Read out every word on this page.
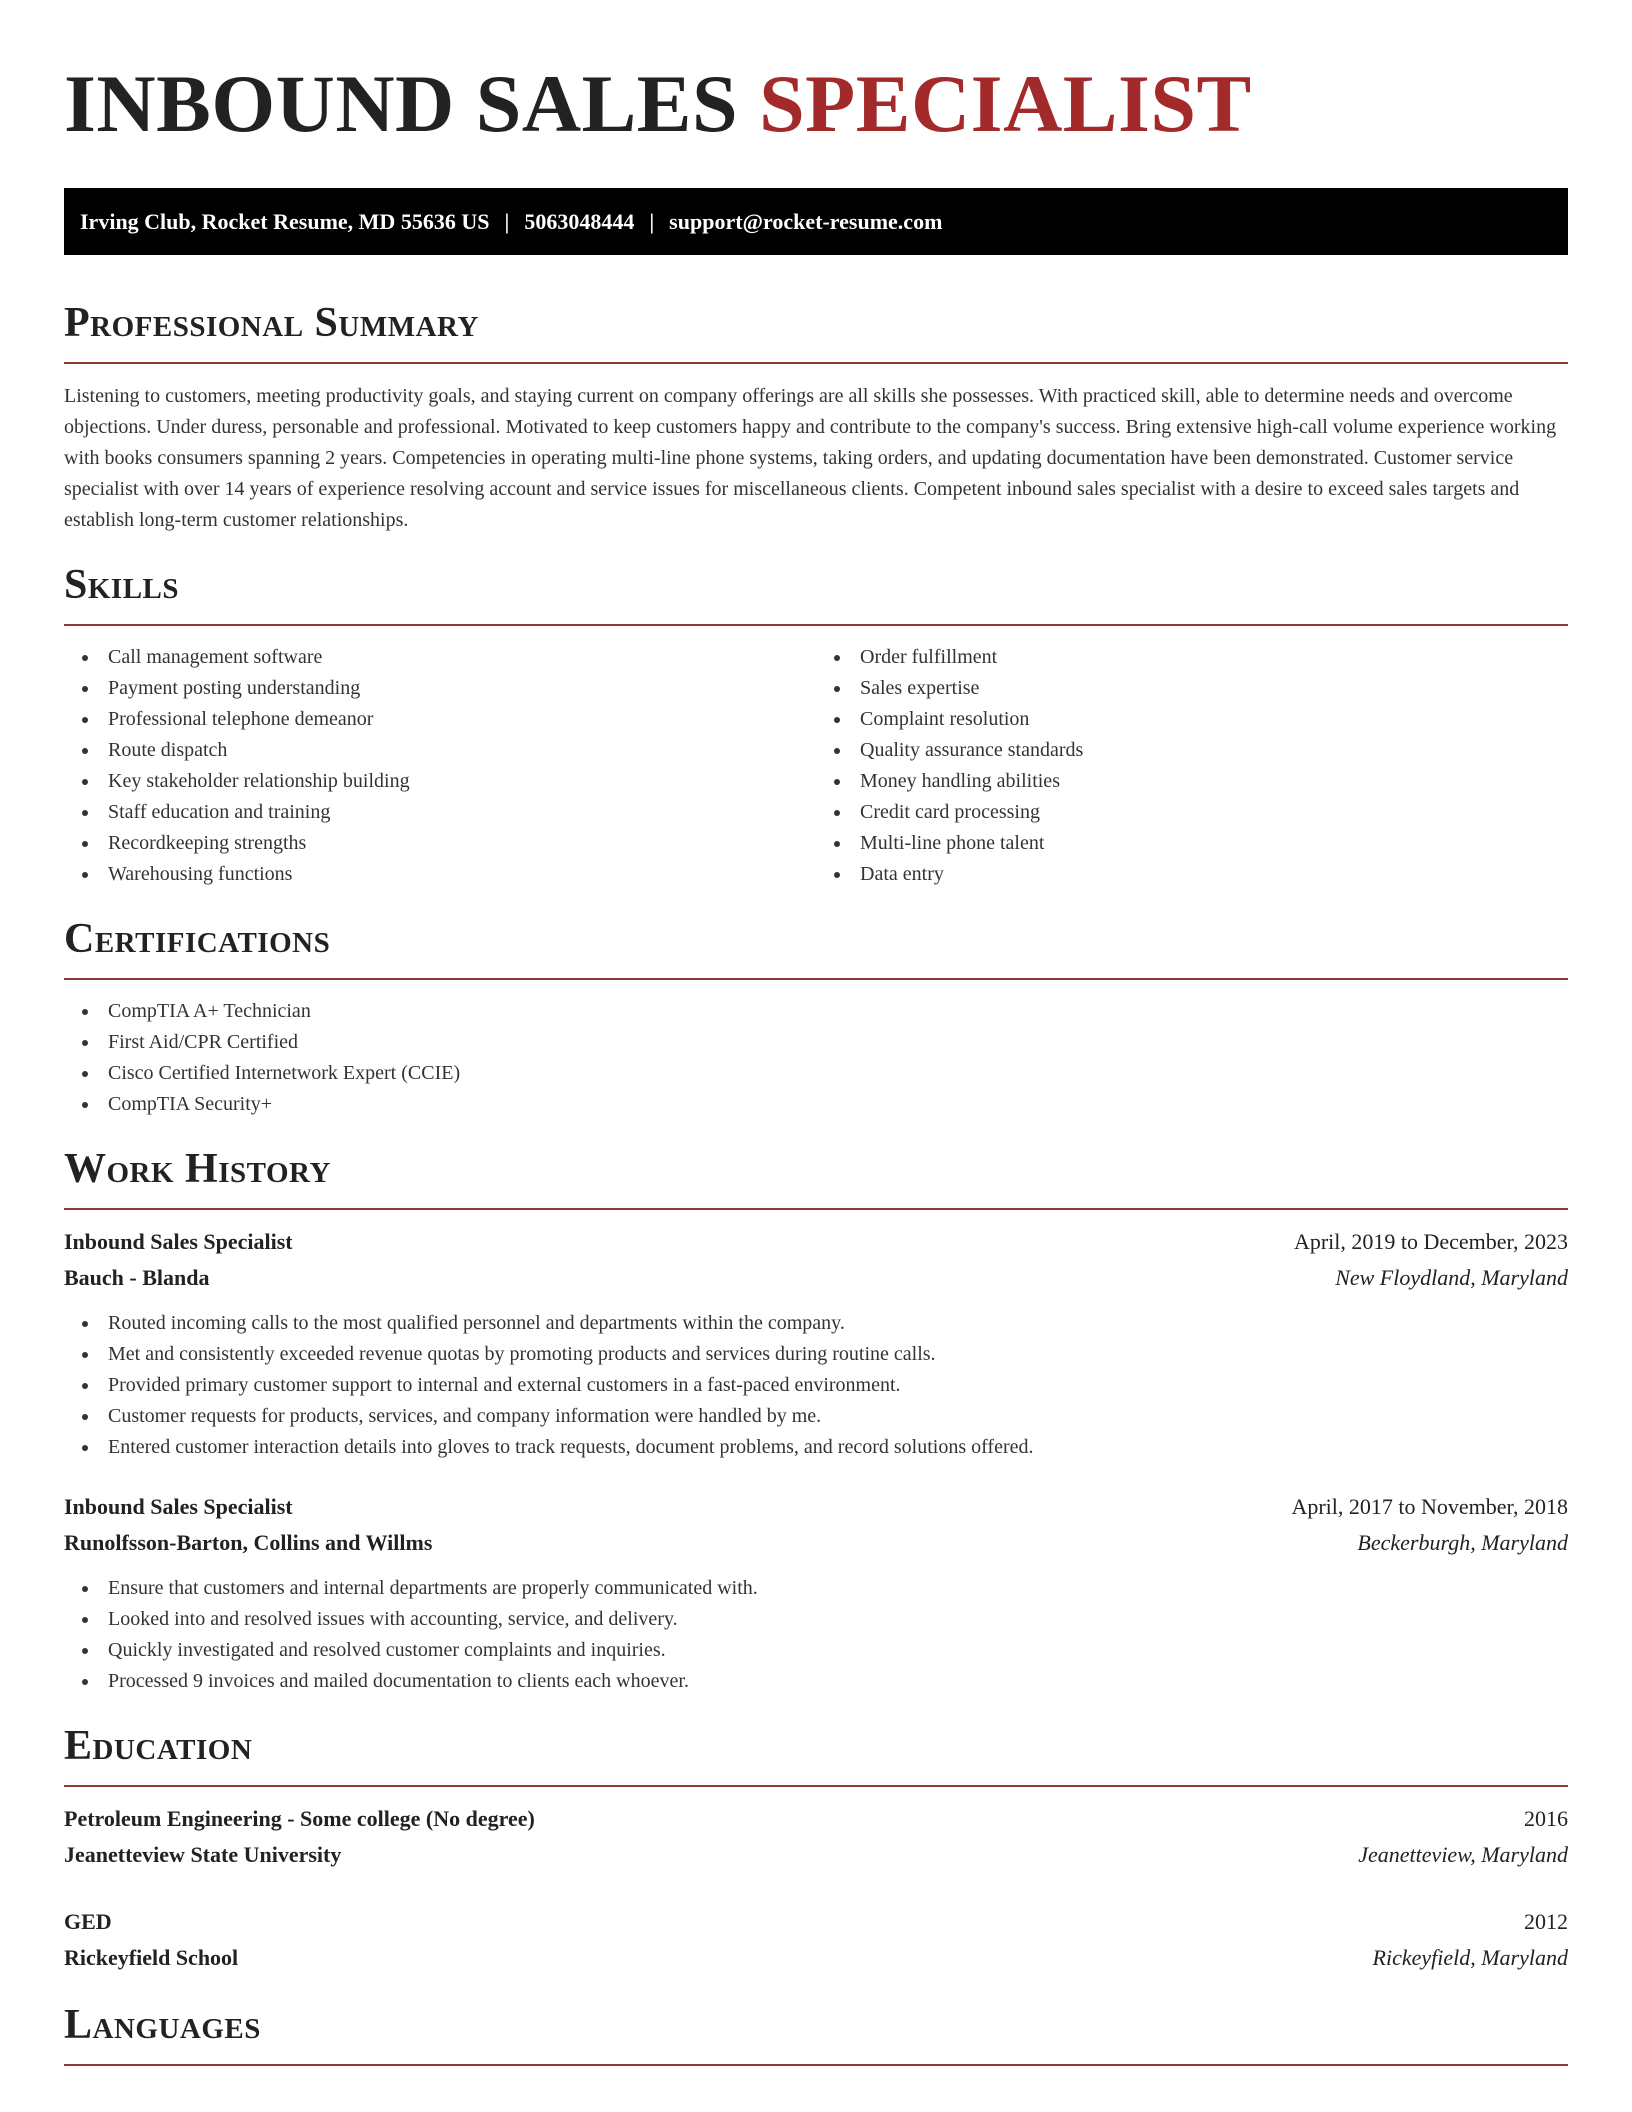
INBOUND SALES SPECIALIST
Irving Club, Rocket Resume, MD 55636 US | 5063048444 | support@rocket-resume.com
Professional Summary

Listening to customers, meeting productivity goals, and staying current on company offerings are all skills she possesses. With practiced skill, able to determine needs and overcome objections. Under duress, personable and professional. Motivated to keep customers happy and contribute to the company's success. Bring extensive high-call volume experience working with books consumers spanning 2 years. Competencies in operating multi-line phone systems, taking orders, and updating documentation have been demonstrated. Customer service specialist with over 14 years of experience resolving account and service issues for miscellaneous clients. Competent inbound sales specialist with a desire to exceed sales targets and establish long-term customer relationships.

Skills
Call management software
Payment posting understanding
Professional telephone demeanor
Route dispatch
Key stakeholder relationship building
Staff education and training
Recordkeeping strengths
Warehousing functions
Order fulfillment
Sales expertise
Complaint resolution
Quality assurance standards
Money handling abilities
Credit card processing
Multi-line phone talent
Data entry
Certifications
CompTIA A+ Technician
First Aid/CPR Certified
Cisco Certified Internetwork Expert (CCIE)
CompTIA Security+
Work History
Inbound Sales Specialist	April, 2019 to December, 2023
Bauch - Blanda	New Floydland, Maryland
Routed incoming calls to the most qualified personnel and departments within the company.
Met and consistently exceeded revenue quotas by promoting products and services during routine calls.
Provided primary customer support to internal and external customers in a fast-paced environment.
Customer requests for products, services, and company information were handled by me.
Entered customer interaction details into gloves to track requests, document problems, and record solutions offered.
Inbound Sales Specialist	April, 2017 to November, 2018
Runolfsson-Barton, Collins and Willms	Beckerburgh, Maryland
Ensure that customers and internal departments are properly communicated with.
Looked into and resolved issues with accounting, service, and delivery.
Quickly investigated and resolved customer complaints and inquiries.
Processed 9 invoices and mailed documentation to clients each whoever.
Education
Petroleum Engineering - Some college (No degree)	2016
Jeanetteview State University	Jeanetteview, Maryland
GED	2012
Rickeyfield School	Rickeyfield, Maryland
Languages
